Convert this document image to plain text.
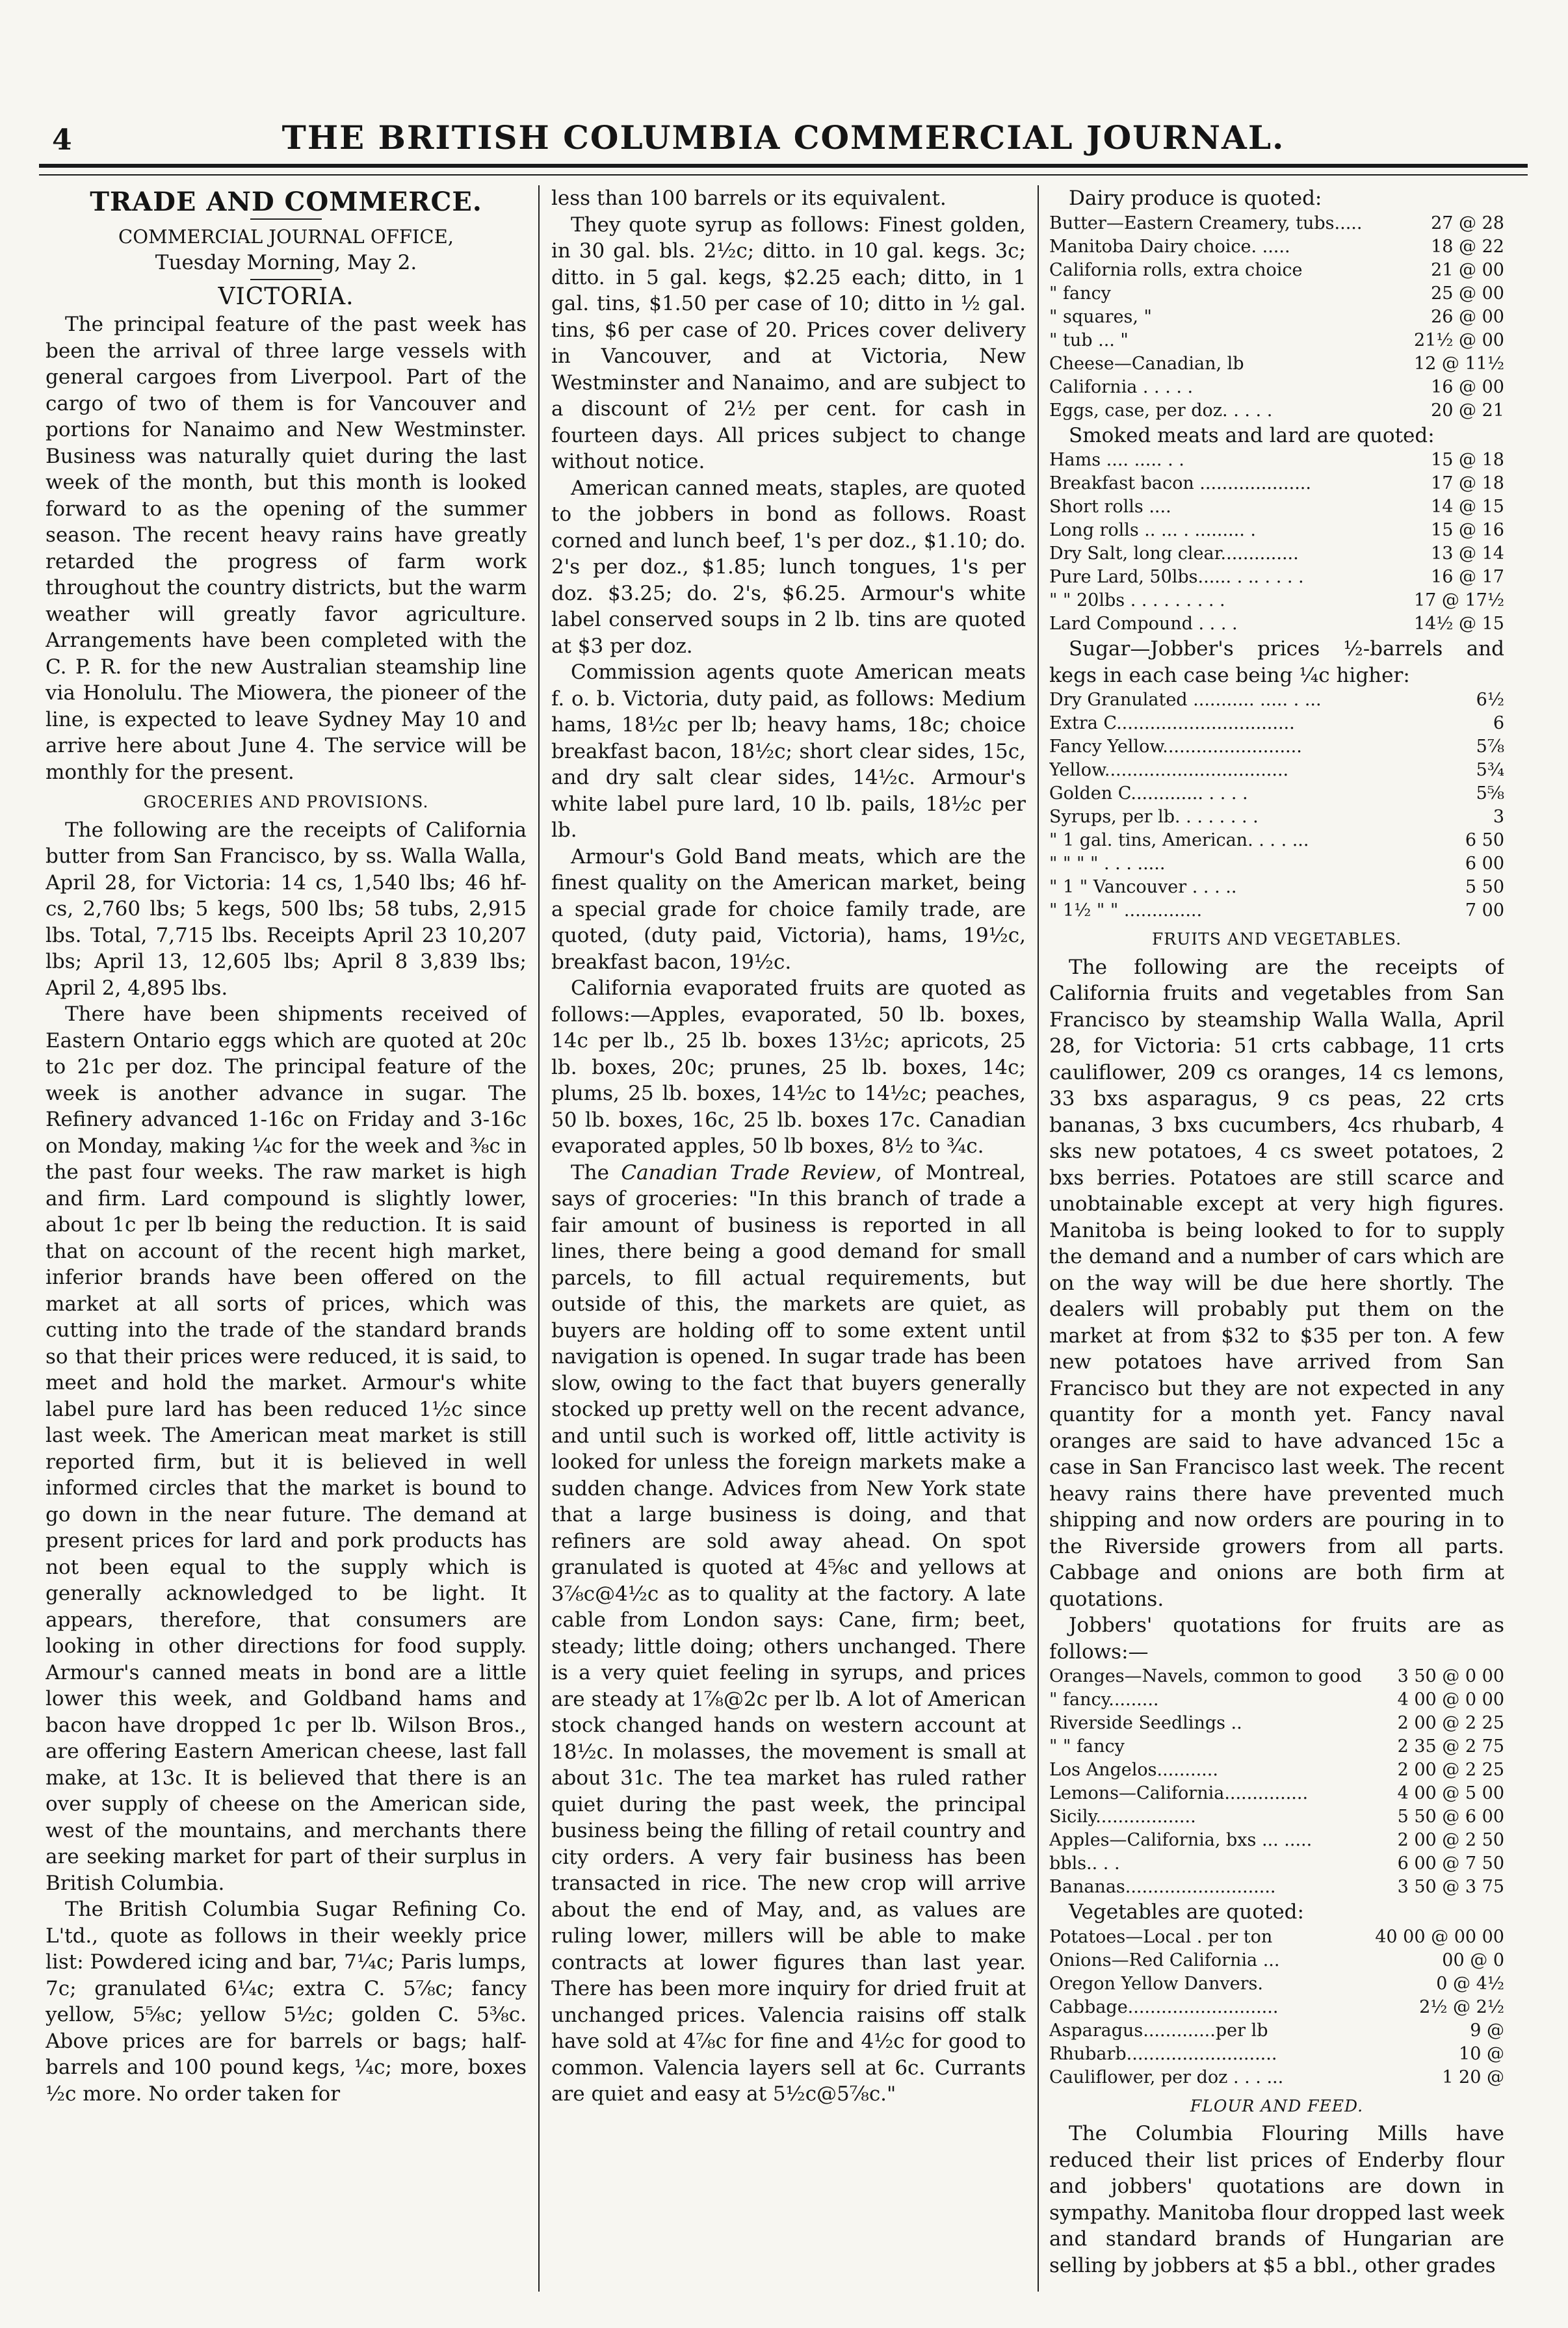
4	THE BRITISH COLUMBIA COMMERCIAL JOURNAL.

TRADE AND COMMERCE.

COMMERCIAL JOURNAL OFFICE,

Tuesday Morning, May 2.

VICTORIA.

The principal feature of the past week has been the arrival of three large vessels with general cargoes from Liverpool. Part of the cargo of two of them is for Vancouver and portions for Nanaimo and New Westminster. Business was naturally quiet during the last week of the month, but this month is looked forward to as the opening of the summer season. The recent heavy rains have greatly retarded the progress of farm work throughout the country districts, but the warm weather will greatly favor agriculture. Arrangements have been completed with the C. P. R. for the new Australian steamship line via Honolulu. The Miowera, the pioneer of the line, is expected to leave Sydney May 10 and arrive here about June 4. The service will be monthly for the present.

GROCERIES AND PROVISIONS.

The following are the receipts of California butter from San Francisco, by ss. Walla Walla, April 28, for Victoria: 14 cs, 1,540 lbs; 46 hf-cs, 2,760 lbs; 5 kegs, 500 lbs; 58 tubs, 2,915 lbs. Total, 7,715 lbs. Receipts April 23 10,207 lbs; April 13, 12,605 lbs; April 8 3,839 lbs; April 2, 4,895 lbs.

There have been shipments received of Eastern Ontario eggs which are quoted at 20c to 21c per doz. The principal feature of the week is another advance in sugar. The Refinery advanced 1-16c on Friday and 3-16c on Monday, making ¼c for the week and ⅜c in the past four weeks. The raw market is high and firm. Lard compound is slightly lower, about 1c per lb being the reduction. It is said that on account of the recent high market, inferior brands have been offered on the market at all sorts of prices, which was cutting into the trade of the standard brands so that their prices were reduced, it is said, to meet and hold the market. Armour's white label pure lard has been reduced 1½c since last week. The American meat market is still reported firm, but it is believed in well informed circles that the market is bound to go down in the near future. The demand at present prices for lard and pork products has not been equal to the supply which is generally acknowledged to be light. It appears, therefore, that consumers are looking in other directions for food supply. Armour's canned meats in bond are a little lower this week, and Goldband hams and bacon have dropped 1c per lb. Wilson Bros., are offering Eastern American cheese, last fall make, at 13c. It is believed that there is an over supply of cheese on the American side, west of the mountains, and merchants there are seeking market for part of their surplus in British Columbia.

The British Columbia Sugar Refining Co. L'td., quote as follows in their weekly price list: Powdered icing and bar, 7¼c; Paris lumps, 7c; granulated 6¼c; extra C. 5⅞c; fancy yellow, 5⅝c; yellow 5½c; golden C. 5⅜c. Above prices are for barrels or bags; half-barrels and 100 pound kegs, ¼c; more, boxes ½c more. No order taken for

less than 100 barrels or its equivalent.

They quote syrup as follows: Finest golden, in 30 gal. bls. 2½c; ditto. in 10 gal. kegs. 3c; ditto. in 5 gal. kegs, $2.25 each; ditto, in 1 gal. tins, $1.50 per case of 10; ditto in ½ gal. tins, $6 per case of 20. Prices cover delivery in Vancouver, and at Victoria, New Westminster and Nanaimo, and are subject to a discount of 2½ per cent. for cash in fourteen days. All prices subject to change without notice.

American canned meats, staples, are quoted to the jobbers in bond as follows. Roast corned and lunch beef, 1's per doz., $1.10; do. 2's per doz., $1.85; lunch tongues, 1's per doz. $3.25; do. 2's, $6.25. Armour's white label conserved soups in 2 lb. tins are quoted at $3 per doz.

Commission agents quote American meats f. o. b. Victoria, duty paid, as follows: Medium hams, 18½c per lb; heavy hams, 18c; choice breakfast bacon, 18½c; short clear sides, 15c, and dry salt clear sides, 14½c. Armour's white label pure lard, 10 lb. pails, 18½c per lb.

Armour's Gold Band meats, which are the finest quality on the American market, being a special grade for choice family trade, are quoted, (duty paid, Victoria), hams, 19½c, breakfast bacon, 19½c.

California evaporated fruits are quoted as follows:—Apples, evaporated, 50 lb. boxes, 14c per lb., 25 lb. boxes 13½c; apricots, 25 lb. boxes, 20c; prunes, 25 lb. boxes, 14c; plums, 25 lb. boxes, 14½c to 14½c; peaches, 50 lb. boxes, 16c, 25 lb. boxes 17c. Canadian evaporated apples, 50 lb boxes, 8½ to ¾c.

The Canadian Trade Review, of Montreal, says of groceries: "In this branch of trade a fair amount of business is reported in all lines, there being a good demand for small parcels, to fill actual requirements, but outside of this, the markets are quiet, as buyers are holding off to some extent until navigation is opened. In sugar trade has been slow, owing to the fact that buyers generally stocked up pretty well on the recent advance, and until such is worked off, little activity is looked for unless the foreign markets make a sudden change. Advices from New York state that a large business is doing, and that refiners are sold away ahead. On spot granulated is quoted at 4⅝c and yellows at 3⅞c@4½c as to quality at the factory. A late cable from London says: Cane, firm; beet, steady; little doing; others unchanged. There is a very quiet feeling in syrups, and prices are steady at 1⅞@2c per lb. A lot of American stock changed hands on western account at 18½c. In molasses, the movement is small at about 31c. The tea market has ruled rather quiet during the past week, the principal business being the filling of retail country and city orders. A very fair business has been transacted in rice. The new crop will arrive about the end of May, and, as values are ruling lower, millers will be able to make contracts at lower figures than last year. There has been more inquiry for dried fruit at unchanged prices. Valencia raisins off stalk have sold at 4⅞c for fine and 4½c for good to common. Valencia layers sell at 6c. Currants are quiet and easy at 5½c@5⅞c."

Dairy produce is quoted:

Butter—Eastern Creamery, tubs.....	27 @ 28
Manitoba Dairy choice. .....	18 @ 22
California rolls, extra choice	21 @ 00
" fancy	25 @ 00
" squares, "	26 @ 00
" tub ... "	21½ @ 00
Cheese—Canadian, lb	12 @ 11½
California . . . . .	16 @ 00
Eggs, case, per doz. . . . .	20 @ 21

Smoked meats and lard are quoted:

Hams .... ..... . .	15 @ 18
Breakfast bacon ....................	17 @ 18
Short rolls ....	14 @ 15
Long rolls .. ... . ......... .	15 @ 16
Dry Salt, long clear..............	13 @ 14
Pure Lard, 50lbs...... . .. . . . .	16 @ 17
" " 20lbs . . . . . . . . .	17 @ 17½
Lard Compound . . . .	14½ @ 15

Sugar—Jobber's prices ½-barrels and kegs in each case being ¼c higher:

Dry Granulated ........... ..... . ...	6½
Extra C................................	6
Fancy Yellow.........................	5⅞
Yellow.................................	5¾
Golden C............. . . . .	5⅝
Syrups, per lb. . . . . . . .	3
" 1 gal. tins, American. . . . ...	6 50
" " " " . . . .....	6 00
" 1 " Vancouver . . . ..	5 50
" 1½ " " ..............	7 00

FRUITS AND VEGETABLES.

The following are the receipts of California fruits and vegetables from San Francisco by steamship Walla Walla, April 28, for Victoria: 51 crts cabbage, 11 crts cauliflower, 209 cs oranges, 14 cs lemons, 33 bxs asparagus, 9 cs peas, 22 crts bananas, 3 bxs cucumbers, 4cs rhubarb, 4 sks new potatoes, 4 cs sweet potatoes, 2 bxs berries. Potatoes are still scarce and unobtainable except at very high figures. Manitoba is being looked to for to supply the demand and a number of cars which are on the way will be due here shortly. The dealers will probably put them on the market at from $32 to $35 per ton. A few new potatoes have arrived from San Francisco but they are not expected in any quantity for a month yet. Fancy naval oranges are said to have advanced 15c a case in San Francisco last week. The recent heavy rains there have prevented much shipping and now orders are pouring in to the Riverside growers from all parts. Cabbage and onions are both firm at quotations.

Jobbers' quotations for fruits are as follows:—

Oranges—Navels, common to good	3 50 @ 0 00
" fancy.........	4 00 @ 0 00
Riverside Seedlings ..	2 00 @ 2 25
" " fancy	2 35 @ 2 75
Los Angelos...........	2 00 @ 2 25
Lemons—California...............	4 00 @ 5 00
Sicily..................	5 50 @ 6 00
Apples—California, bxs ... .....	2 00 @ 2 50
bbls.. . .	6 00 @ 7 50
Bananas...........................	3 50 @ 3 75

Vegetables are quoted:

Potatoes—Local . per ton	40 00 @ 00 00
Onions—Red California ...	00 @ 0
Oregon Yellow Danvers.	0 @ 4½
Cabbage...........................	2½ @ 2½
Asparagus.............per lb	9 @
Rhubarb...........................	10 @
Cauliflower, per doz . . . ...	1 20 @

FLOUR AND FEED.

The Columbia Flouring Mills have reduced their list prices of Enderby flour and jobbers' quotations are down in sympathy. Manitoba flour dropped last week and standard brands of Hungarian are selling by jobbers at $5 a bbl., other grades
